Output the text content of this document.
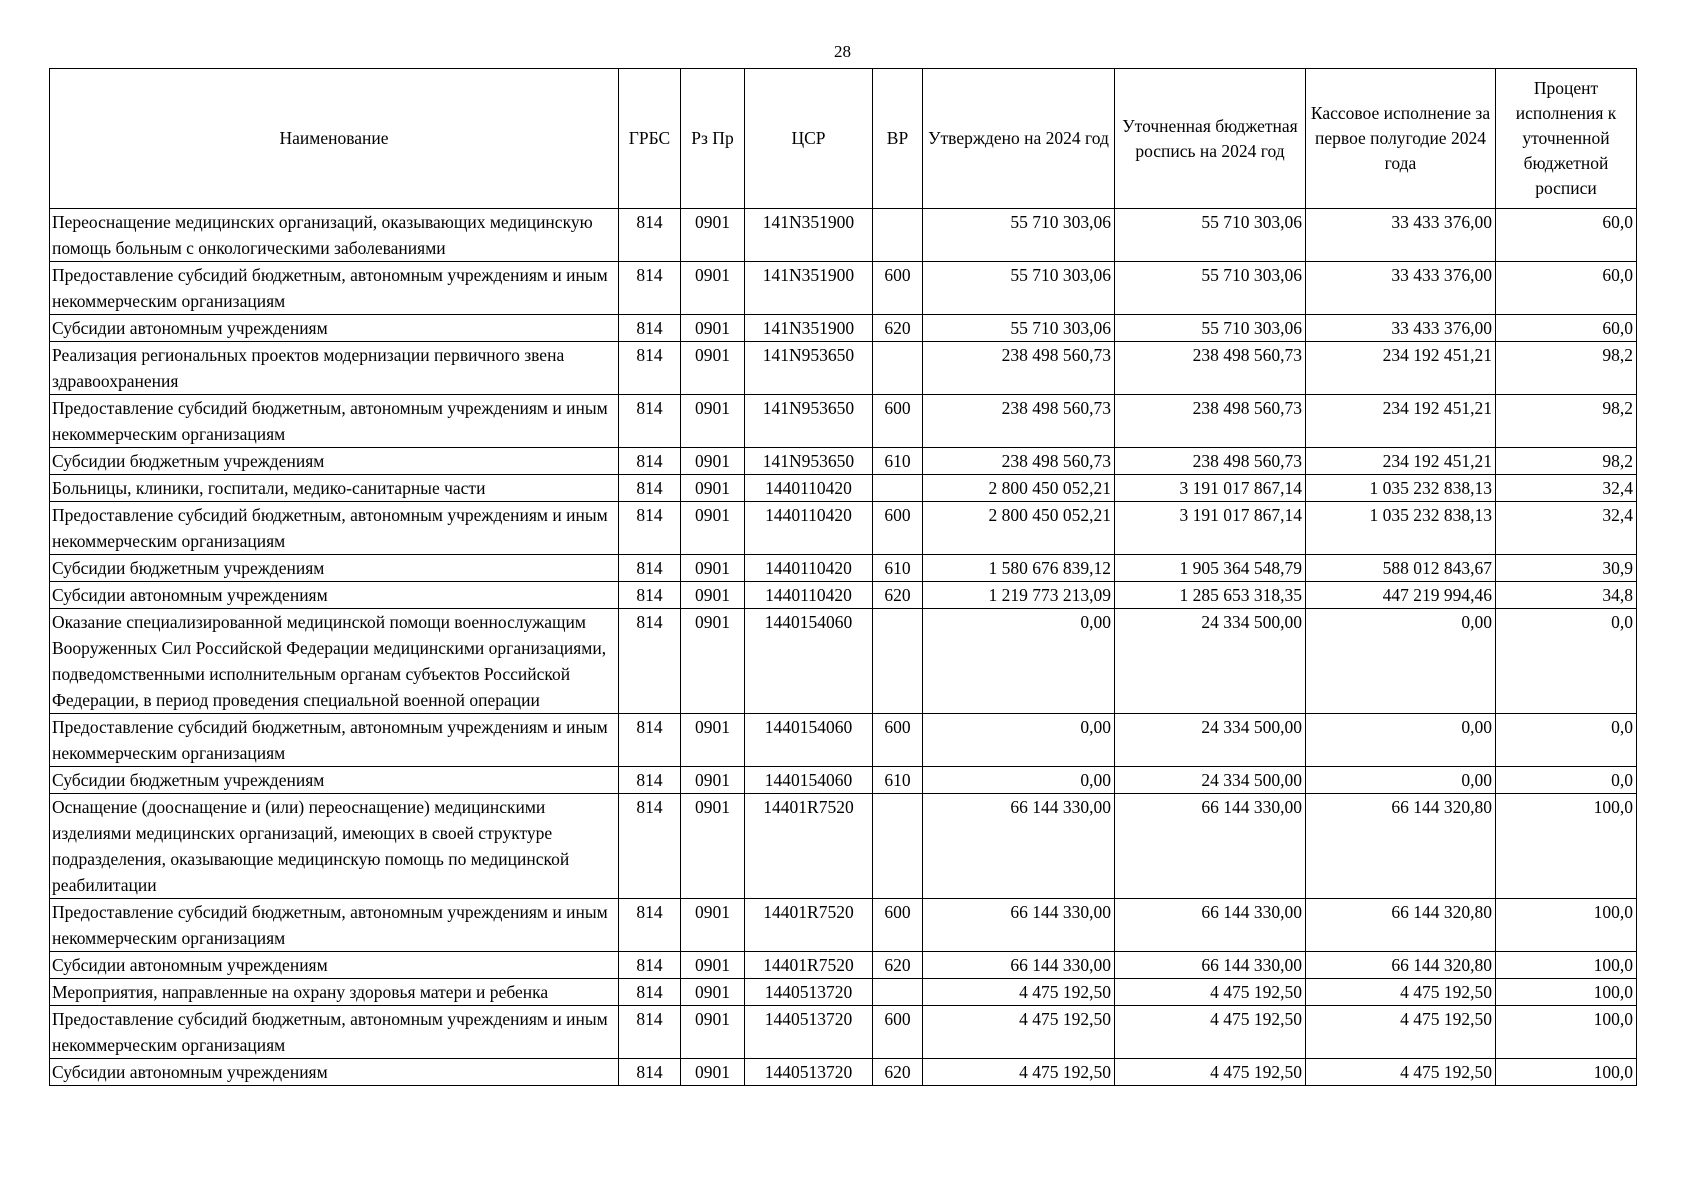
28
Наименование	ГРБС	Рз Пр	ЦСР	ВР	Утверждено на 2024 год	Уточненная бюджетная роспись на 2024 год	Кассовое исполнение за первое полугодие 2024 года	Процент исполнения к уточненной бюджетной росписи
Переоснащение медицинских организаций, оказывающих медицинскую помощь больным с онкологическими заболеваниями	814	0901	141N351900		55 710 303,06	55 710 303,06	33 433 376,00	60,0
Предоставление субсидий бюджетным, автономным учреждениям и иным некоммерческим организациям	814	0901	141N351900	600	55 710 303,06	55 710 303,06	33 433 376,00	60,0
Субсидии автономным учреждениям	814	0901	141N351900	620	55 710 303,06	55 710 303,06	33 433 376,00	60,0
Реализация региональных проектов модернизации первичного звена здравоохранения	814	0901	141N953650		238 498 560,73	238 498 560,73	234 192 451,21	98,2
Предоставление субсидий бюджетным, автономным учреждениям и иным некоммерческим организациям	814	0901	141N953650	600	238 498 560,73	238 498 560,73	234 192 451,21	98,2
Субсидии бюджетным учреждениям	814	0901	141N953650	610	238 498 560,73	238 498 560,73	234 192 451,21	98,2
Больницы, клиники, госпитали, медико-санитарные части	814	0901	1440110420		2 800 450 052,21	3 191 017 867,14	1 035 232 838,13	32,4
Предоставление субсидий бюджетным, автономным учреждениям и иным некоммерческим организациям	814	0901	1440110420	600	2 800 450 052,21	3 191 017 867,14	1 035 232 838,13	32,4
Субсидии бюджетным учреждениям	814	0901	1440110420	610	1 580 676 839,12	1 905 364 548,79	588 012 843,67	30,9
Субсидии автономным учреждениям	814	0901	1440110420	620	1 219 773 213,09	1 285 653 318,35	447 219 994,46	34,8
Оказание специализированной медицинской помощи военнослужащим Вооруженных Сил Российской Федерации медицинскими организациями, подведомственными исполнительным органам субъектов Российской Федерации, в период проведения специальной военной операции	814	0901	1440154060		0,00	24 334 500,00	0,00	0,0
Предоставление субсидий бюджетным, автономным учреждениям и иным некоммерческим организациям	814	0901	1440154060	600	0,00	24 334 500,00	0,00	0,0
Субсидии бюджетным учреждениям	814	0901	1440154060	610	0,00	24 334 500,00	0,00	0,0
Оснащение (дооснащение и (или) переоснащение) медицинскими изделиями медицинских организаций, имеющих в своей структуре подразделения, оказывающие медицинскую помощь по медицинской реабилитации	814	0901	14401R7520		66 144 330,00	66 144 330,00	66 144 320,80	100,0
Предоставление субсидий бюджетным, автономным учреждениям и иным некоммерческим организациям	814	0901	14401R7520	600	66 144 330,00	66 144 330,00	66 144 320,80	100,0
Субсидии автономным учреждениям	814	0901	14401R7520	620	66 144 330,00	66 144 330,00	66 144 320,80	100,0
Мероприятия, направленные на охрану здоровья матери и ребенка	814	0901	1440513720		4 475 192,50	4 475 192,50	4 475 192,50	100,0
Предоставление субсидий бюджетным, автономным учреждениям и иным некоммерческим организациям	814	0901	1440513720	600	4 475 192,50	4 475 192,50	4 475 192,50	100,0
Субсидии автономным учреждениям	814	0901	1440513720	620	4 475 192,50	4 475 192,50	4 475 192,50	100,0
